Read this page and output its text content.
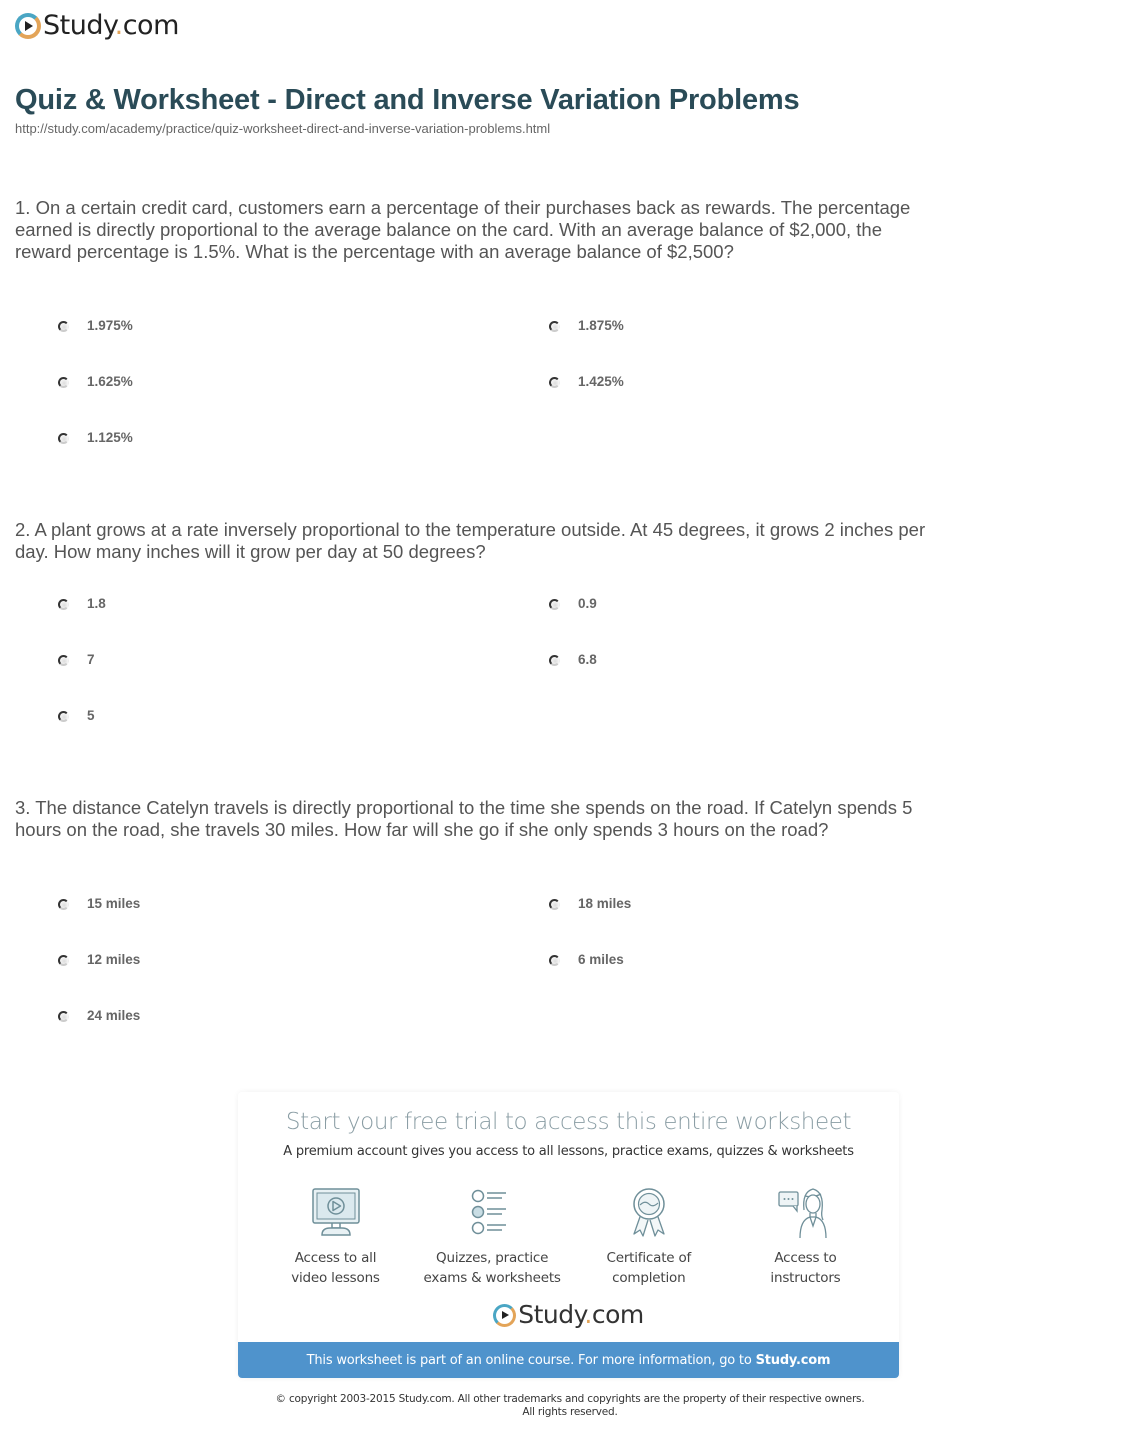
Study.com
Quiz & Worksheet - Direct and Inverse Variation Problems
http://study.com/academy/practice/quiz-worksheet-direct-and-inverse-variation-problems.html
1. On a certain credit card, customers earn a percentage of their purchases back as rewards. The percentage earned is directly proportional to the average balance on the card. With an average balance of $2,000, the reward percentage is 1.5%. What is the percentage with an average balance of $2,500?
1.975%	1.875%
1.625%	1.425%
1.125%
2. A plant grows at a rate inversely proportional to the temperature outside. At 45 degrees, it grows 2 inches per day. How many inches will it grow per day at 50 degrees?
1.8	0.9
7	6.8
5
3. The distance Catelyn travels is directly proportional to the time she spends on the road. If Catelyn spends 5 hours on the road, she travels 30 miles. How far will she go if she only spends 3 hours on the road?
15 miles	18 miles
12 miles	6 miles
24 miles
Start your free trial to access this entire worksheet
A premium account gives you access to all lessons, practice exams, quizzes & worksheets
Access to all
video lessons
Quizzes, practice
exams & worksheets
Certificate of
completion
Access to
instructors
Study.com
This worksheet is part of an online course. For more information, go to Study.com
© copyright 2003-2015 Study.com. All other trademarks and copyrights are the property of their respective owners.
All rights reserved.
